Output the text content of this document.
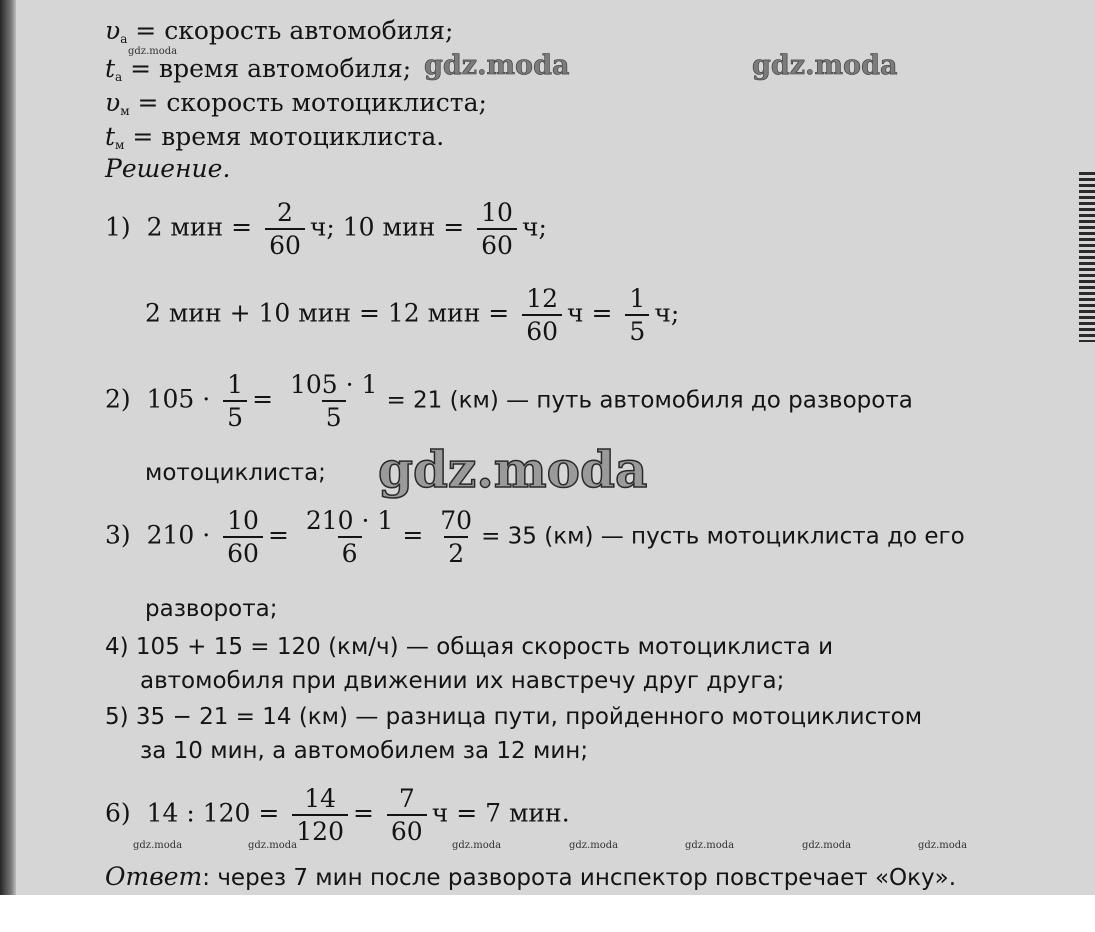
$\upsilon_а$ = скорость автомобиля;
$t_а$ = время автомобиля;
$\upsilon_м$ = скорость мотоциклиста;
$t_м$ = время мотоциклиста.
Решение.
1) 2 мин = $\frac{2}{60} ч$; 10 мин = $\frac{10}{60} ч$;
2 мин + 10 мин = 12 мин = $\frac{12}{60}$ $ч = \frac{1}{5} ч$;
2) $105 \cdot \frac{1}{5} = \frac{105 \cdot 1}{5} = 21$ (км) — путь автомобиля до разворота
мотоциклиста;
3) $210 \cdot \frac{10}{60} = \frac{210 \cdot 1}{6} = \frac{70}{2} = 35$ (км) — пусть мотоциклиста до его
разворота;
4) 105 + 15 = 120 (км/ч) — общая скорость мотоциклиста и
автомобиля при движении их навстречу друг друга;
5) 35 − 21 = 14 (км) — разница пути, пройденного мотоциклистом
за 10 мин, а автомобилем за 12 мин;
6) 14 : $120 = \frac{14}{120} = \frac{7}{60}$ ч = 7 мин.
Ответ: через 7 мин после разворота инспектор повстречает «Оку».
gdz.moda
gdz.moda	gdz.moda
gdz.moda
gdz.moda	gdz.moda	gdz.moda	gdz.moda	gdz.moda	gdz.moda	gdz.moda
